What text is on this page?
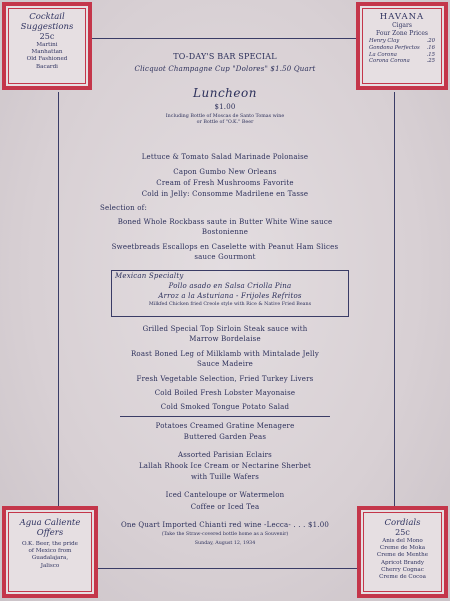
Cocktail
Suggestions
25c
Martini
Manhattan
Old Fashioned
Bacardi
HAVANA
Cigars
Four Zone Prices
Henry Clay	.20
Gondona Perfectos .16
La Corona	.15
Corona Corona	.25
Agua Caliente
Offers
O.K. Beer, the pride
of Mexico from
Guadalajara,
Jalisco
Cordials
25c
Anis del Mono
Creme de Moka
Creme de Menthe
Apricot Brandy
Cherry Cognac
Creme de Cocoa
TO-DAY'S BAR SPECIAL
Clicquot Champagne Cup "Dolores" $1.50 Quart
Luncheon
$1.00
Including Bottle of Moscas de Santo Tomas wine
or Bottle of "O.K." Beer
Lettuce & Tomato Salad Marinade Polonaise
Capon Gumbo New Orleans
Cream of Fresh Mushrooms Favorite
Cold in Jelly: Consomme Madrilene en Tasse
Selection of:
Boned Whole Rockbass saute in Butter White Wine sauce
Bostonienne
Sweetbreads Escallops en Caselette with Peanut Ham Slices
sauce Gourmont
Mexican Specialty
Pollo asado en Salsa Criolla Pina
Arroz a la Asturiana - Frijoles Refritos
Milkfed Chicken fried Creole style with Rice & Native Fried Beans
Grilled Special Top Sirloin Steak sauce with
Marrow Bordelaise
Roast Boned Leg of Milklamb with Mintalade Jelly
Sauce Madeire
Fresh Vegetable Selection, Fried Turkey Livers
Cold Boiled Fresh Lobster Mayonaise
Cold Smoked Tongue Potato Salad
Potatoes Creamed Gratine Menagere
Buttered Garden Peas
Assorted Parisian Eclairs
Lallah Rhook Ice Cream or Nectarine Sherbet
with Tuille Wafers
Iced Canteloupe or Watermelon
Coffee or Iced Tea
One Quart Imported Chianti red wine -Lecca- . . . $1.00
(Take the Straw-covered bottle home as a Souvenir)
Sunday, August 12, 1934
